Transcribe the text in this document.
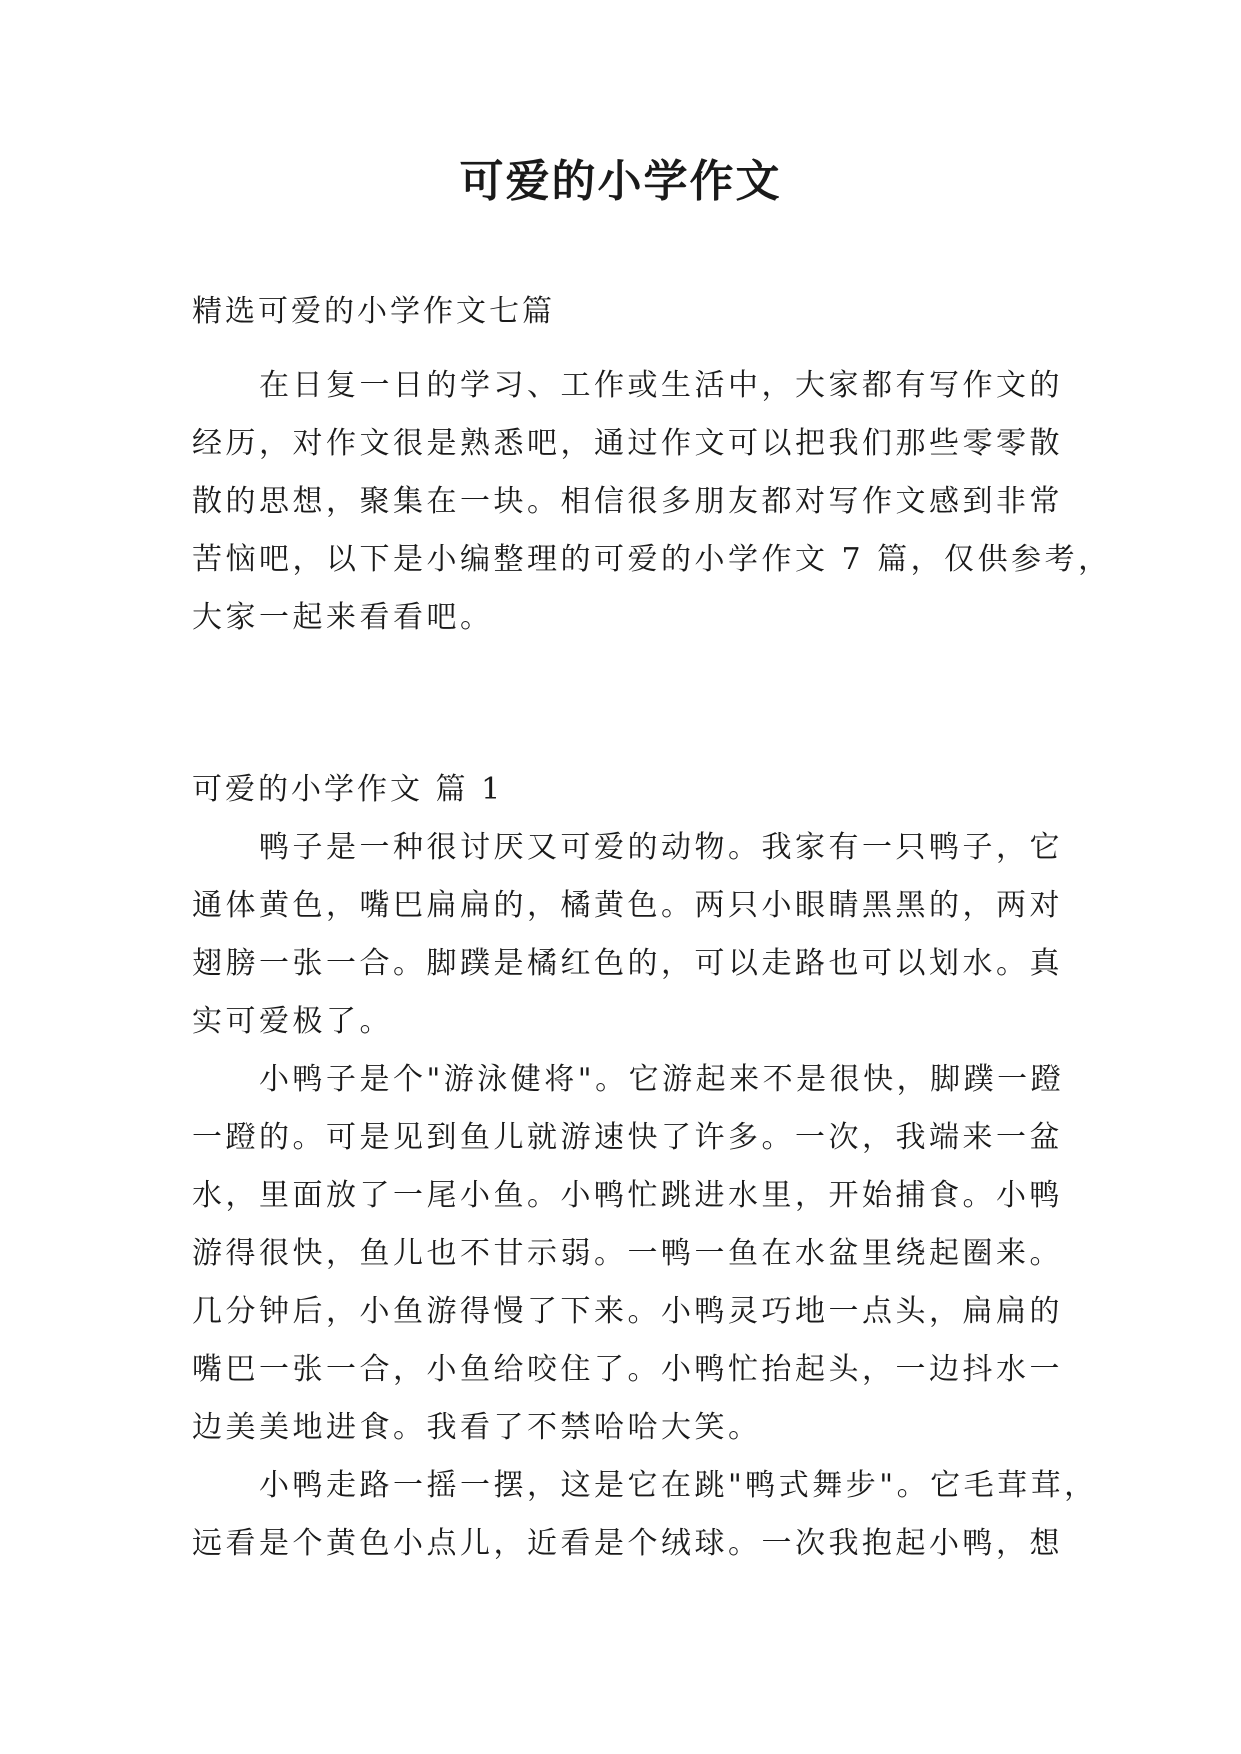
可爱的小学作文
精选可爱的小学作文七篇
　　在日复一日的学习、工作或生活中，大家都有写作文的
经历，对作文很是熟悉吧，通过作文可以把我们那些零零散
散的思想，聚集在一块。相信很多朋友都对写作文感到非常
苦恼吧，以下是小编整理的可爱的小学作文 7 篇，仅供参考，
大家一起来看看吧。
可爱的小学作文 篇 1
　　鸭子是一种很讨厌又可爱的动物。我家有一只鸭子，它
通体黄色，嘴巴扁扁的，橘黄色。两只小眼睛黑黑的，两对
翅膀一张一合。脚蹼是橘红色的，可以走路也可以划水。真
实可爱极了。
　　小鸭子是个"游泳健将"。它游起来不是很快，脚蹼一蹬
一蹬的。可是见到鱼儿就游速快了许多。一次，我端来一盆
水，里面放了一尾小鱼。小鸭忙跳进水里，开始捕食。小鸭
游得很快，鱼儿也不甘示弱。一鸭一鱼在水盆里绕起圈来。
几分钟后，小鱼游得慢了下来。小鸭灵巧地一点头，扁扁的
嘴巴一张一合，小鱼给咬住了。小鸭忙抬起头，一边抖水一
边美美地进食。我看了不禁哈哈大笑。
　　小鸭走路一摇一摆，这是它在跳"鸭式舞步"。它毛茸茸，
远看是个黄色小点儿，近看是个绒球。一次我抱起小鸭，想
